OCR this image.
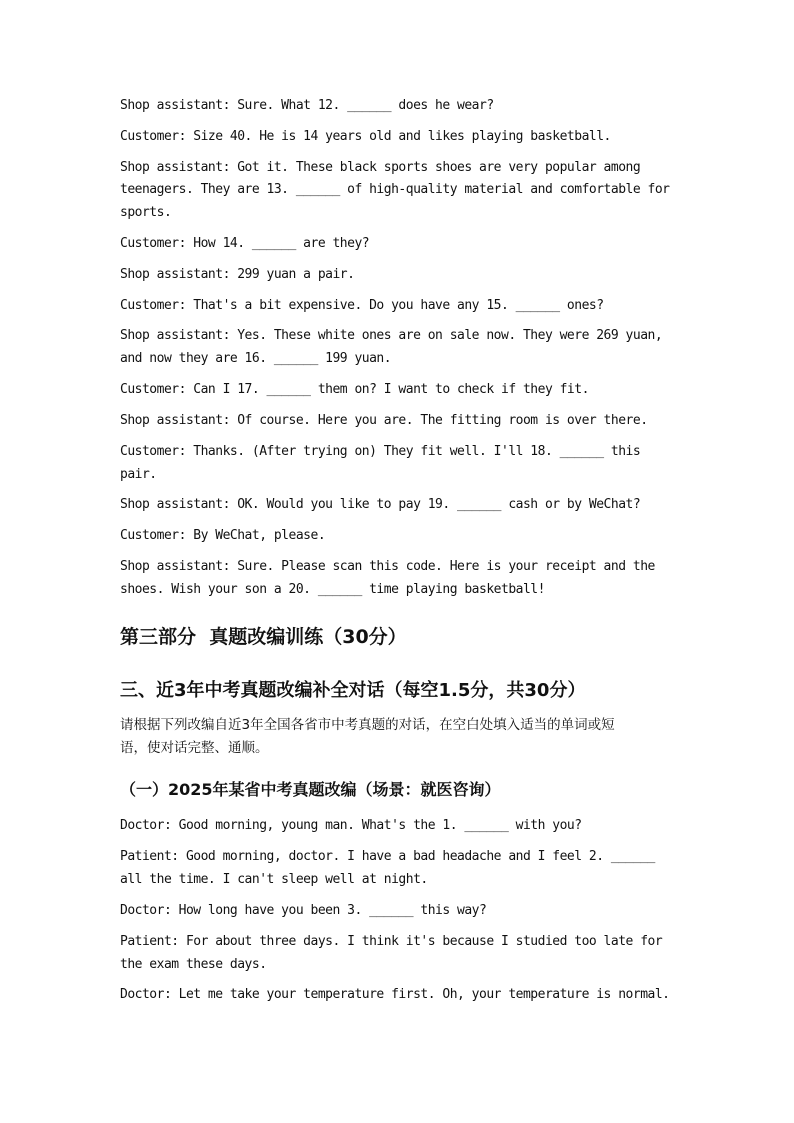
Shop assistant: Sure. What 12. ______ does he wear?
Customer: Size 40. He is 14 years old and likes playing basketball.
Shop assistant: Got it. These black sports shoes are very popular among
teenagers. They are 13. ______ of high-quality material and comfortable for
sports.
Customer: How 14. ______ are they?
Shop assistant: 299 yuan a pair.
Customer: That's a bit expensive. Do you have any 15. ______ ones?
Shop assistant: Yes. These white ones are on sale now. They were 269 yuan,
and now they are 16. ______ 199 yuan.
Customer: Can I 17. ______ them on? I want to check if they fit.
Shop assistant: Of course. Here you are. The fitting room is over there.
Customer: Thanks. (After trying on) They fit well. I'll 18. ______ this
pair.
Shop assistant: OK. Would you like to pay 19. ______ cash or by WeChat?
Customer: By WeChat, please.
Shop assistant: Sure. Please scan this code. Here is your receipt and the
shoes. Wish your son a 20. ______ time playing basketball!
第三部分  真题改编训练（30分）
三、近3年中考真题改编补全对话（每空1.5分，共30分）
请根据下列改编自近3年全国各省市中考真题的对话，在空白处填入适当的单词或短
语，使对话完整、通顺。
（一）2025年某省中考真题改编（场景：就医咨询）
Doctor: Good morning, young man. What's the 1. ______ with you?
Patient: Good morning, doctor. I have a bad headache and I feel 2. ______
all the time. I can't sleep well at night.
Doctor: How long have you been 3. ______ this way?
Patient: For about three days. I think it's because I studied too late for
the exam these days.
Doctor: Let me take your temperature first. Oh, your temperature is normal.
